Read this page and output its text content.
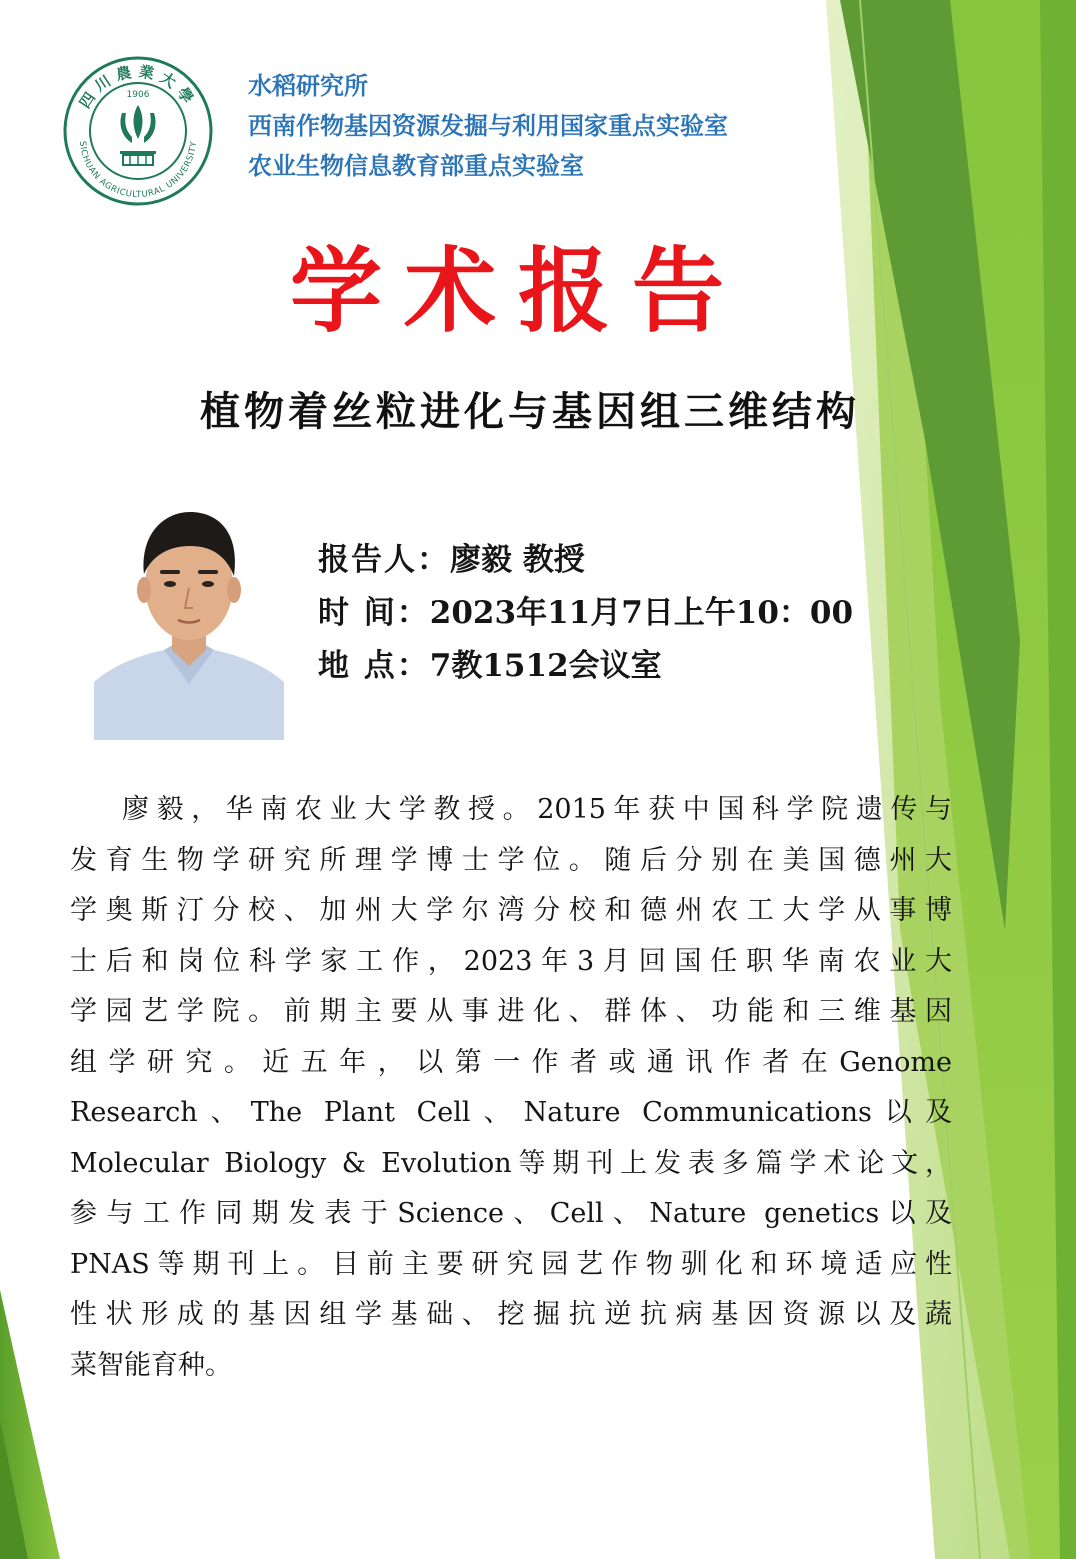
四川農業大學
SICHUAN AGRICULTURAL UNIVERSITY
1906	水稻研究所
西南作物基因资源发掘与利用国家重点实验室
农业生物信息教育部重点实验室
学术报告
植物着丝粒进化与基因组三维结构
报告人：廖毅 教授
时 间：2023年11月7日上午10：00
地 点：7教1512会议室
廖毅，华南农业大学教授。2015年获中国科学院遗传与
发育生物学研究所理学博士学位。随后分别在美国德州大
学奥斯汀分校、加州大学尔湾分校和德州农工大学从事博
士后和岗位科学家工作，2023年3月回国任职华南农业大
学园艺学院。前期主要从事进化、群体、功能和三维基因
组学研究。近五年，以第一作者或通讯作者在Genome
Research、The Plant Cell、Nature Communications以及
Molecular Biology & Evolution等期刊上发表多篇学术论文，
参与工作同期发表于Science、Cell、Nature genetics以及
PNAS等期刊上。目前主要研究园艺作物驯化和环境适应性
性状形成的基因组学基础、挖掘抗逆抗病基因资源以及蔬
菜智能育种。
